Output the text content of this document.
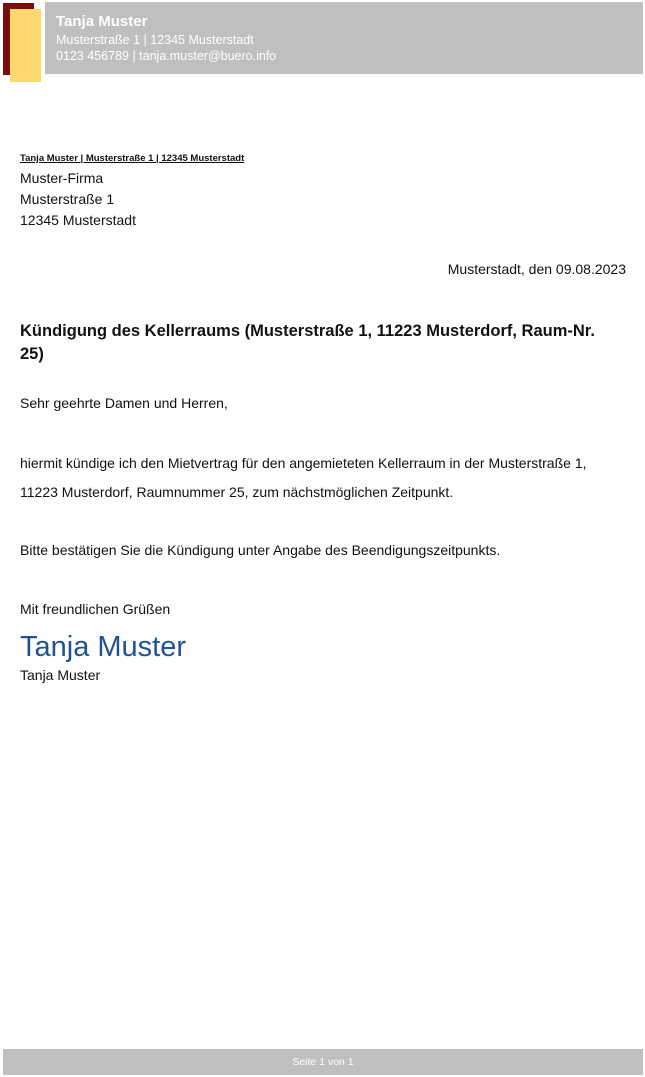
Tanja Muster
Musterstraße 1 | 12345 Musterstadt
0123 456789 | tanja.muster@buero.info
Tanja Muster | Musterstraße 1 | 12345 Musterstadt
Muster-Firma
Musterstraße 1
12345 Musterstadt
Musterstadt, den 09.08.2023
Kündigung des Kellerraums (Musterstraße 1, 11223 Musterdorf, Raum-Nr. 25)
Sehr geehrte Damen und Herren,
hiermit kündige ich den Mietvertrag für den angemieteten Kellerraum in der Musterstraße 1, 11223 Musterdorf, Raumnummer 25, zum nächstmöglichen Zeitpunkt.
Bitte bestätigen Sie die Kündigung unter Angabe des Beendigungszeitpunkts.
Mit freundlichen Grüßen
Tanja Muster
Tanja Muster
Seite 1 von 1
